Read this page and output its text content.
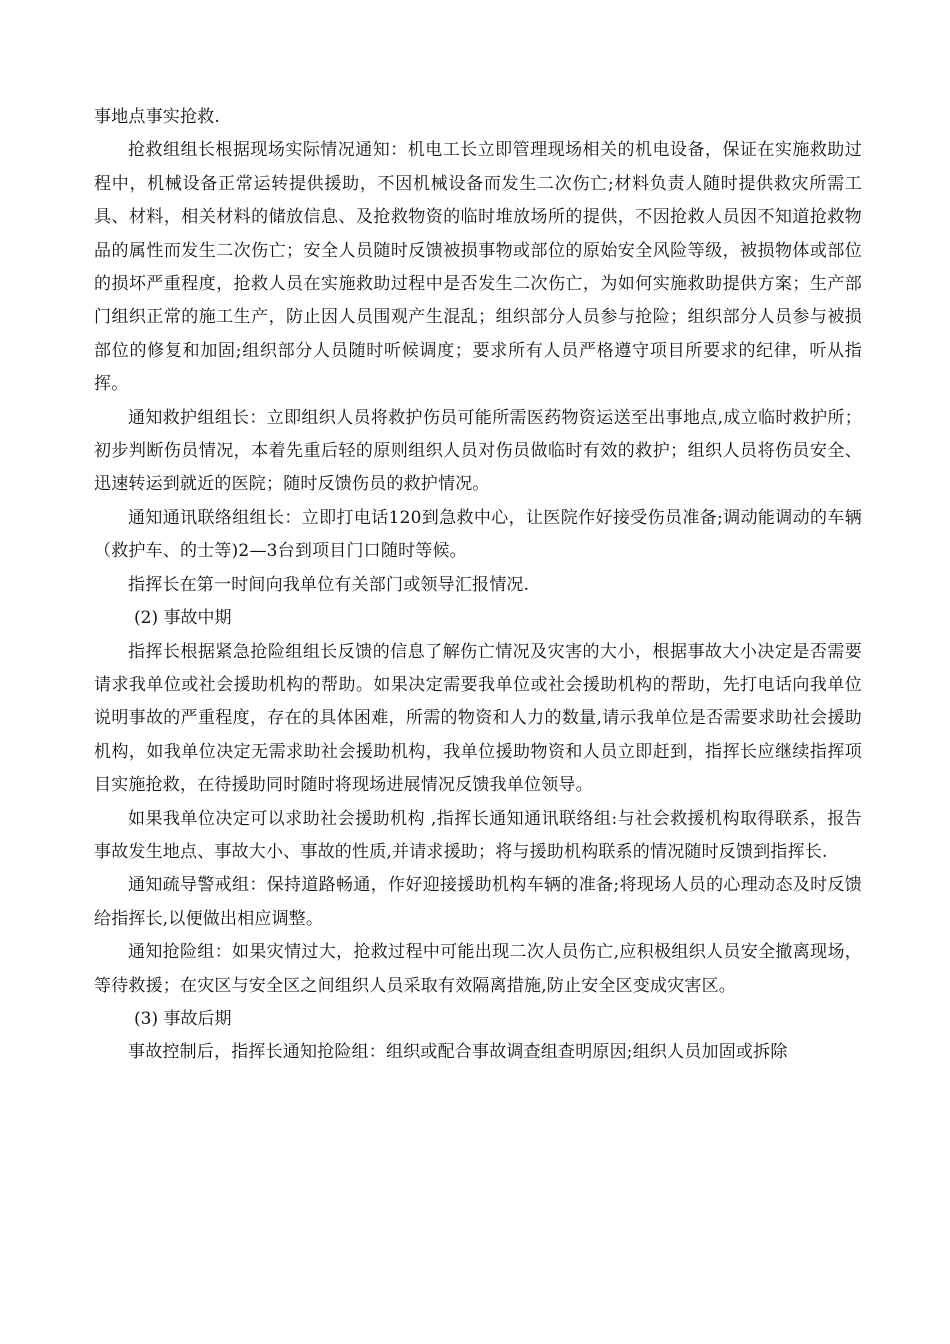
事地点事实抢救.

抢救组组长根据现场实际情况通知：机电工长立即管理现场相关的机电设备，保证在实施救助过程中，机械设备正常运转提供援助，不因机械设备而发生二次伤亡;材料负责人随时提供救灾所需工具、材料，相关材料的储放信息、及抢救物资的临时堆放场所的提供，不因抢救人员因不知道抢救物品的属性而发生二次伤亡；安全人员随时反馈被损事物或部位的原始安全风险等级，被损物体或部位的损坏严重程度，抢救人员在实施救助过程中是否发生二次伤亡，为如何实施救助提供方案；生产部门组织正常的施工生产，防止因人员围观产生混乱；组织部分人员参与抢险；组织部分人员参与被损部位的修复和加固;组织部分人员随时听候调度；要求所有人员严格遵守项目所要求的纪律，听从指挥。

通知救护组组长：立即组织人员将救护伤员可能所需医药物资运送至出事地点,成立临时救护所；初步判断伤员情况，本着先重后轻的原则组织人员对伤员做临时有效的救护；组织人员将伤员安全、迅速转运到就近的医院；随时反馈伤员的救护情况。

通知通讯联络组组长：立即打电话120到急救中心，让医院作好接受伤员准备;调动能调动的车辆（救护车、的士等)2—3台到项目门口随时等候。

指挥长在第一时间向我单位有关部门或领导汇报情况.

(2) 事故中期

指挥长根据紧急抢险组组长反馈的信息了解伤亡情况及灾害的大小，根据事故大小决定是否需要请求我单位或社会援助机构的帮助。如果决定需要我单位或社会援助机构的帮助，先打电话向我单位说明事故的严重程度，存在的具体困难，所需的物资和人力的数量,请示我单位是否需要求助社会援助机构，如我单位决定无需求助社会援助机构，我单位援助物资和人员立即赶到，指挥长应继续指挥项目实施抢救，在待援助同时随时将现场进展情况反馈我单位领导。

如果我单位决定可以求助社会援助机构 ,指挥长通知通讯联络组:与社会救援机构取得联系，报告事故发生地点、事故大小、事故的性质,并请求援助；将与援助机构联系的情况随时反馈到指挥长.

通知疏导警戒组：保持道路畅通，作好迎接援助机构车辆的准备;将现场人员的心理动态及时反馈给指挥长,以便做出相应调整。

通知抢险组：如果灾情过大，抢救过程中可能出现二次人员伤亡,应积极组织人员安全撤离现场，等待救援；在灾区与安全区之间组织人员采取有效隔离措施,防止安全区变成灾害区。

(3) 事故后期

事故控制后，指挥长通知抢险组：组织或配合事故调查组查明原因;组织人员加固或拆除
